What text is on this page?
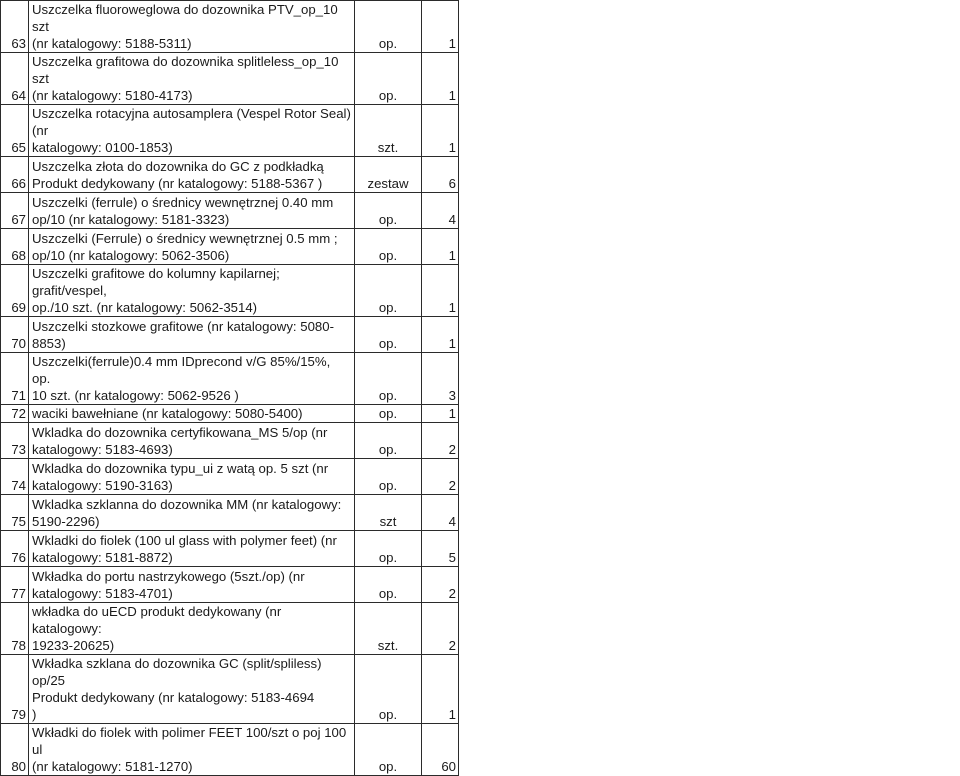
63	Uszczelka fluoroweglowa do dozownika PTV_op_10 szt
(nr katalogowy: 5188-5311)	op.	1
64	Uszczelka grafitowa do dozownika splitleless_op_10 szt
(nr katalogowy: 5180-4173)	op.	1
65	Uszczelka rotacyjna autosamplera (Vespel Rotor Seal) (nr
katalogowy: 0100-1853)	szt.	1
66	Uszczelka złota do dozownika do GC z podkładką
Produkt dedykowany (nr katalogowy: 5188-5367 )	zestaw	6
67	Uszczelki (ferrule) o średnicy wewnętrznej 0.40 mm
op/10 (nr katalogowy: 5181-3323)	op.	4
68	Uszczelki (Ferrule) o średnicy wewnętrznej 0.5 mm ;
op/10 (nr katalogowy: 5062-3506)	op.	1
69	Uszczelki grafitowe do kolumny kapilarnej; grafit/vespel,
op./10 szt. (nr katalogowy: 5062-3514)	op.	1
70	Uszczelki stozkowe grafitowe (nr katalogowy: 5080-
8853)	op.	1
71	Uszczelki(ferrule)0.4 mm IDprecond v/G 85%/15%, op.
10 szt. (nr katalogowy: 5062-9526 )	op.	3
72	waciki bawełniane (nr katalogowy: 5080-5400)	op.	1
73	Wkladka do dozownika certyfikowana_MS 5/op (nr
katalogowy: 5183-4693)	op.	2
74	Wkladka do dozownika typu_ui z watą op. 5 szt (nr
katalogowy: 5190-3163)	op.	2
75	Wkladka szklanna do dozownika MM (nr katalogowy:
5190-2296)	szt	4
76	Wkladki do fiolek (100 ul glass with polymer feet) (nr
katalogowy: 5181-8872)	op.	5
77	Wkładka do portu nastrzykowego (5szt./op) (nr
katalogowy: 5183-4701)	op.	2
78	wkładka do uECD produkt dedykowany (nr katalogowy:
19233-20625)	szt.	2
79	Wkładka szklana do dozownika GC (split/spliless) op/25
Produkt dedykowany (nr katalogowy: 5183-4694
)	op.	1
80	Wkładki do fiolek with polimer FEET 100/szt o poj 100 ul
(nr katalogowy: 5181-1270)	op.	60
